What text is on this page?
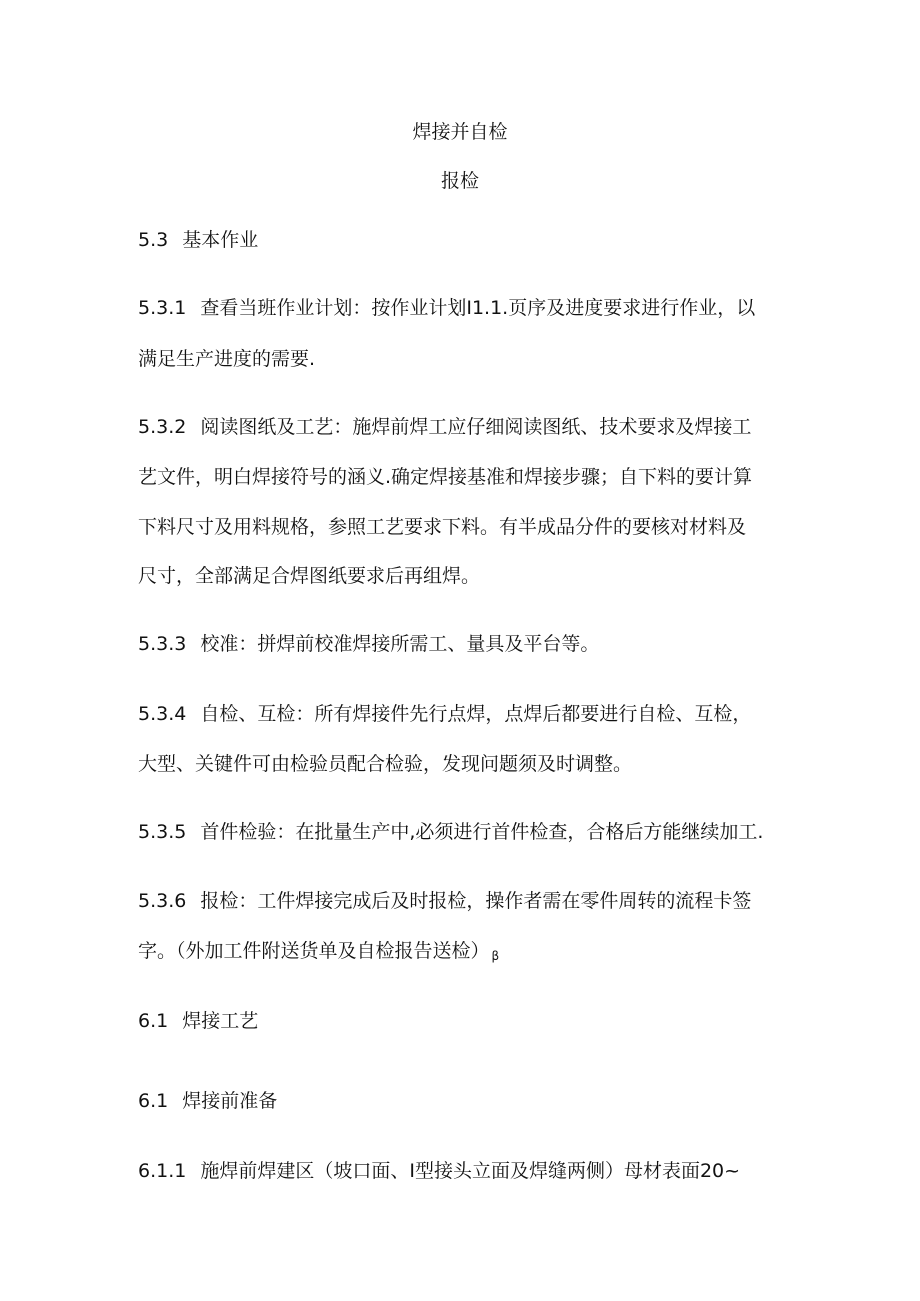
焊接并自检
报检
5.3 基本作业
5.3.1 查看当班作业计划：按作业计划I1.1.页序及进度要求进行作业，以
满足生产进度的需要.
5.3.2 阅读图纸及工艺：施焊前焊工应仔细阅读图纸、技术要求及焊接工
艺文件，明白焊接符号的涵义.确定焊接基准和焊接步骤；自下料的要计算
下料尺寸及用料规格，参照工艺要求下料。有半成品分件的要核对材料及
尺寸，全部满足合焊图纸要求后再组焊。
5.3.3 校准：拼焊前校准焊接所需工、量具及平台等。
5.3.4 自检、互检：所有焊接件先行点焊，点焊后都要进行自检、互检，
大型、关键件可由检验员配合检验，发现问题须及时调整。
5.3.5 首件检验：在批量生产中,必须进行首件检查，合格后方能继续加工.
5.3.6 报检：工件焊接完成后及时报检，操作者需在零件周转的流程卡签
字。（外加工件附送货单及自检报告送检） β
6.1 焊接工艺
6.1 焊接前准备
6.1.1 施焊前焊建区（坡口面、I型接头立面及焊缝两侧）母材表面20~
